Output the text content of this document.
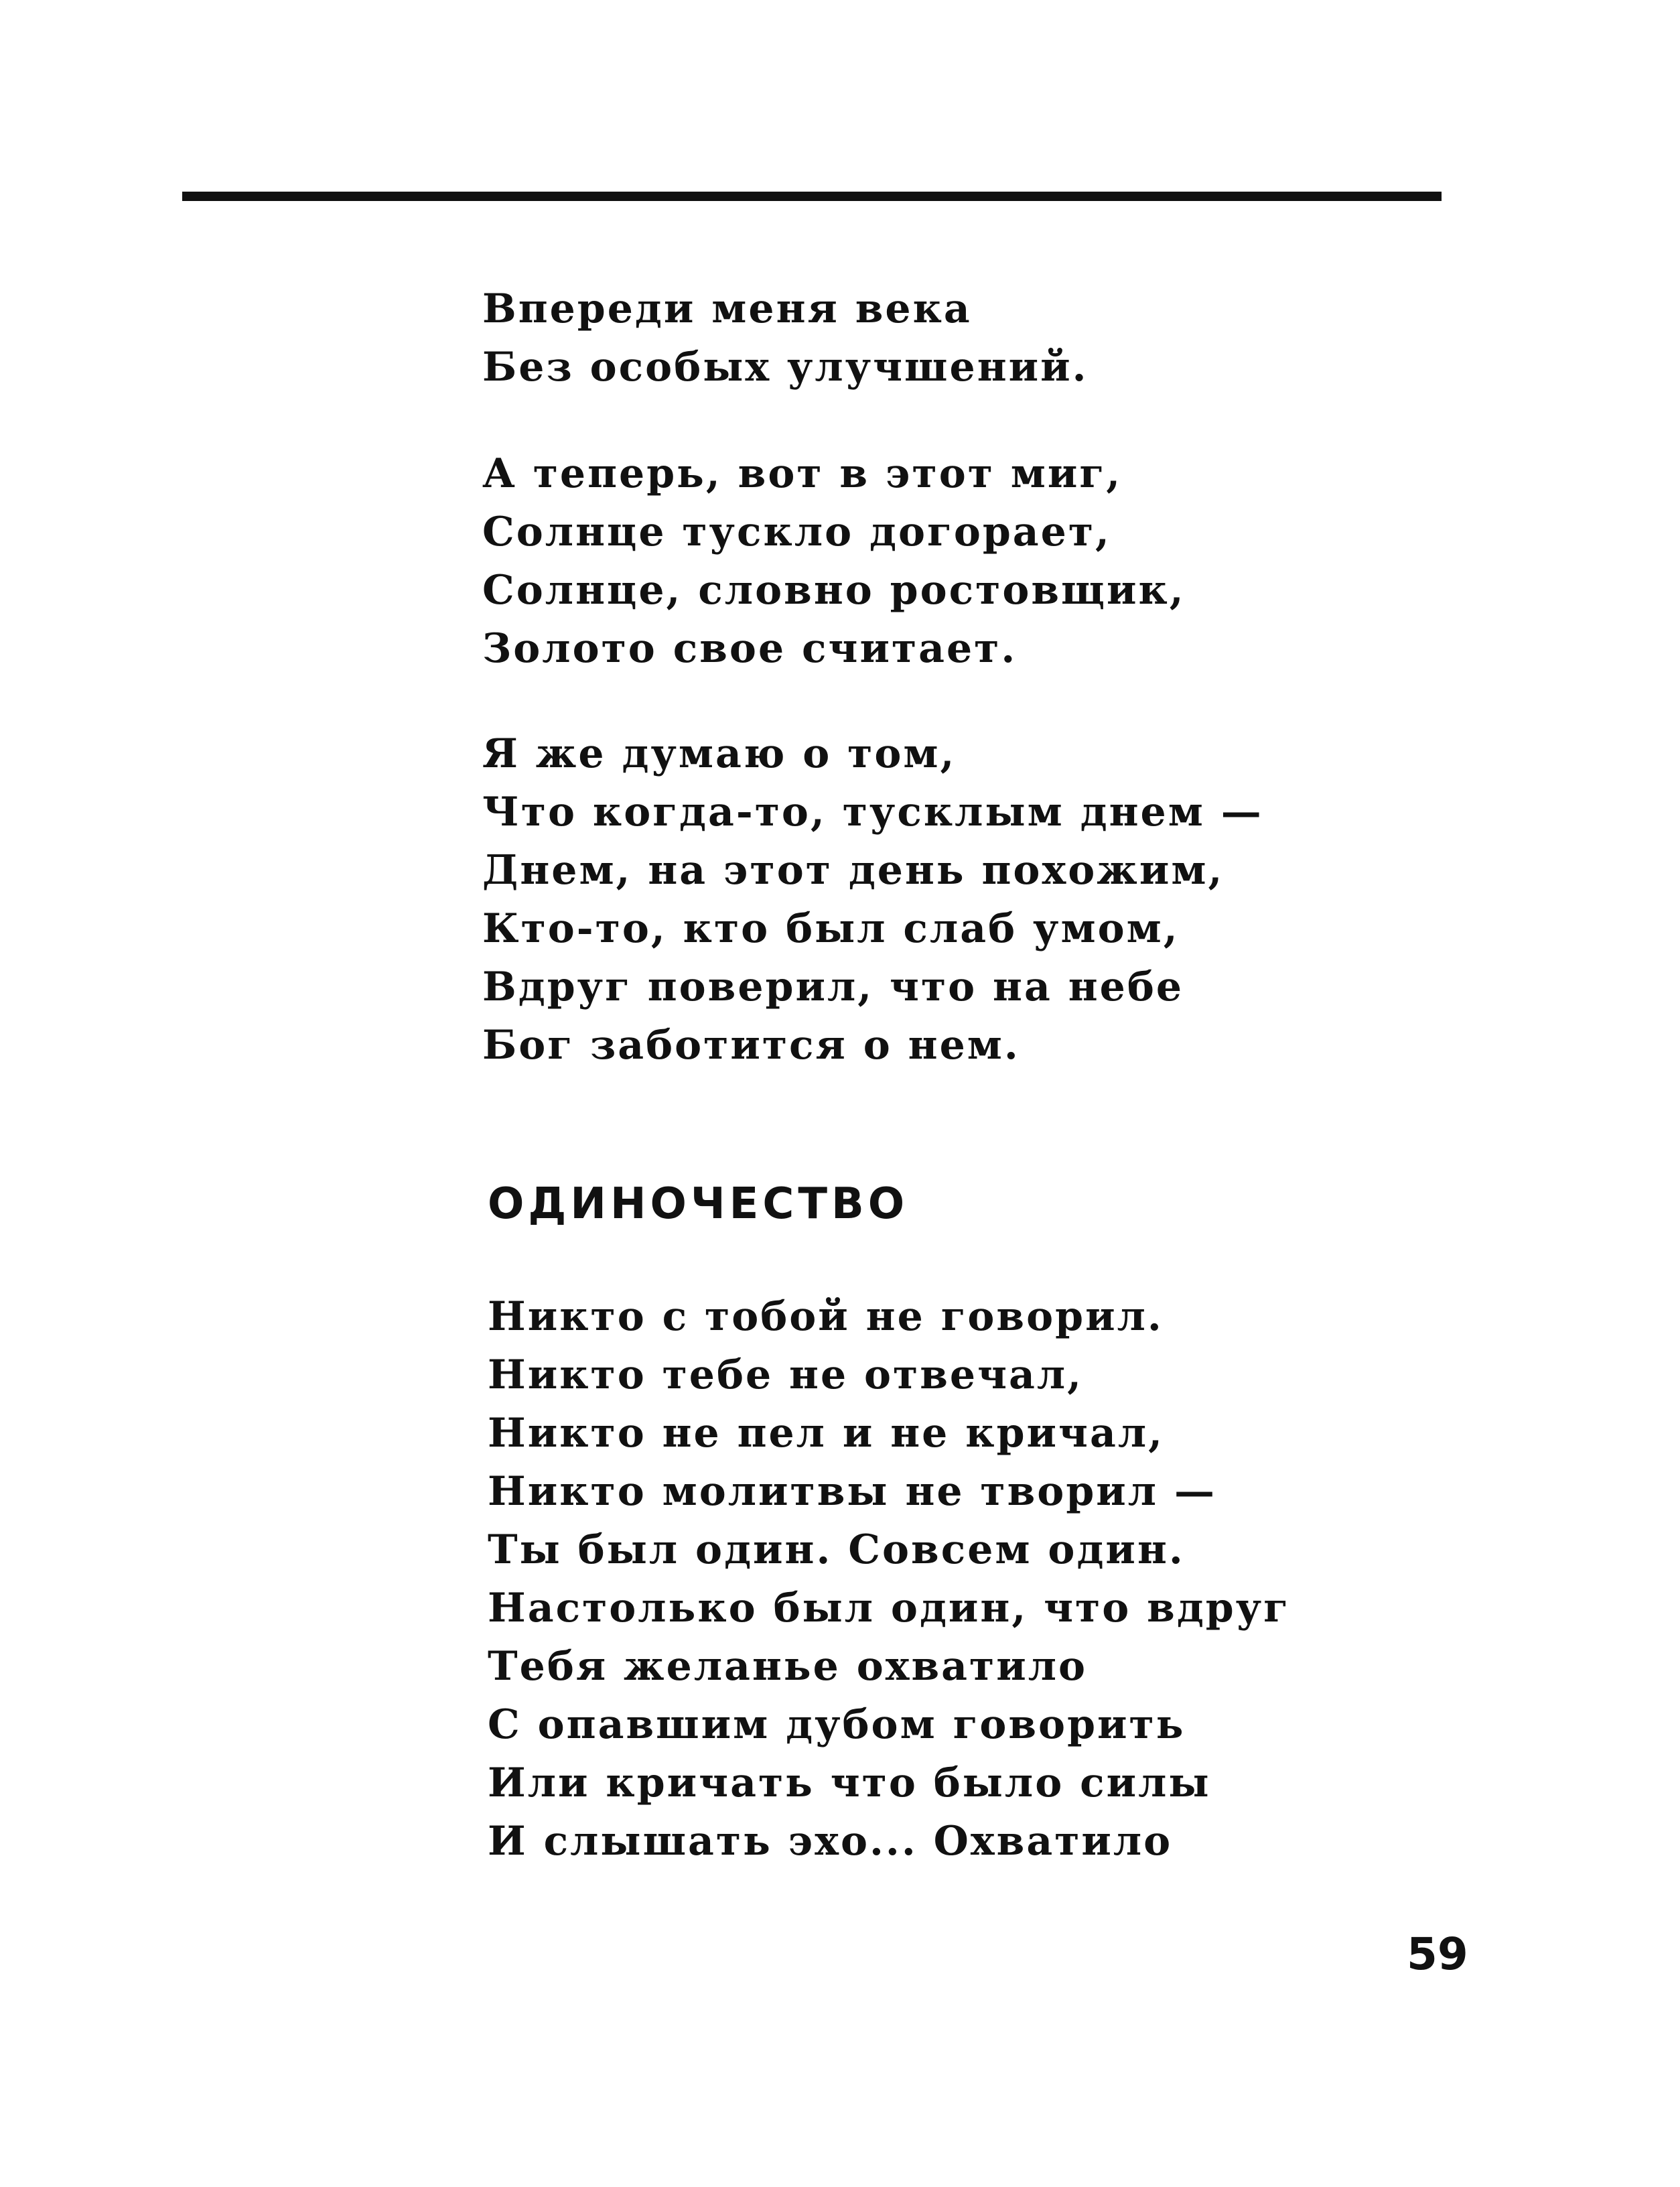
Впереди меня века
Без особых улучшений.
А теперь, вот в этот миг,
Солнце тускло догорает,
Солнце, словно ростовщик,
Золото свое считает.
Я же думаю о том,
Что когда-то, тусклым днем —
Днем, на этот день похожим,
Кто-то, кто был слаб умом,
Вдруг поверил, что на небе
Бог заботится о нем.
ОДИНОЧЕСТВО
Никто с тобой не говорил.
Никто тебе не отвечал,
Никто не пел и не кричал,
Никто молитвы не творил —
Ты был один. Совсем один.
Настолько был один, что вдруг
Тебя желанье охватило
С опавшим дубом говорить
Или кричать что было силы
И слышать эхо... Охватило
59
